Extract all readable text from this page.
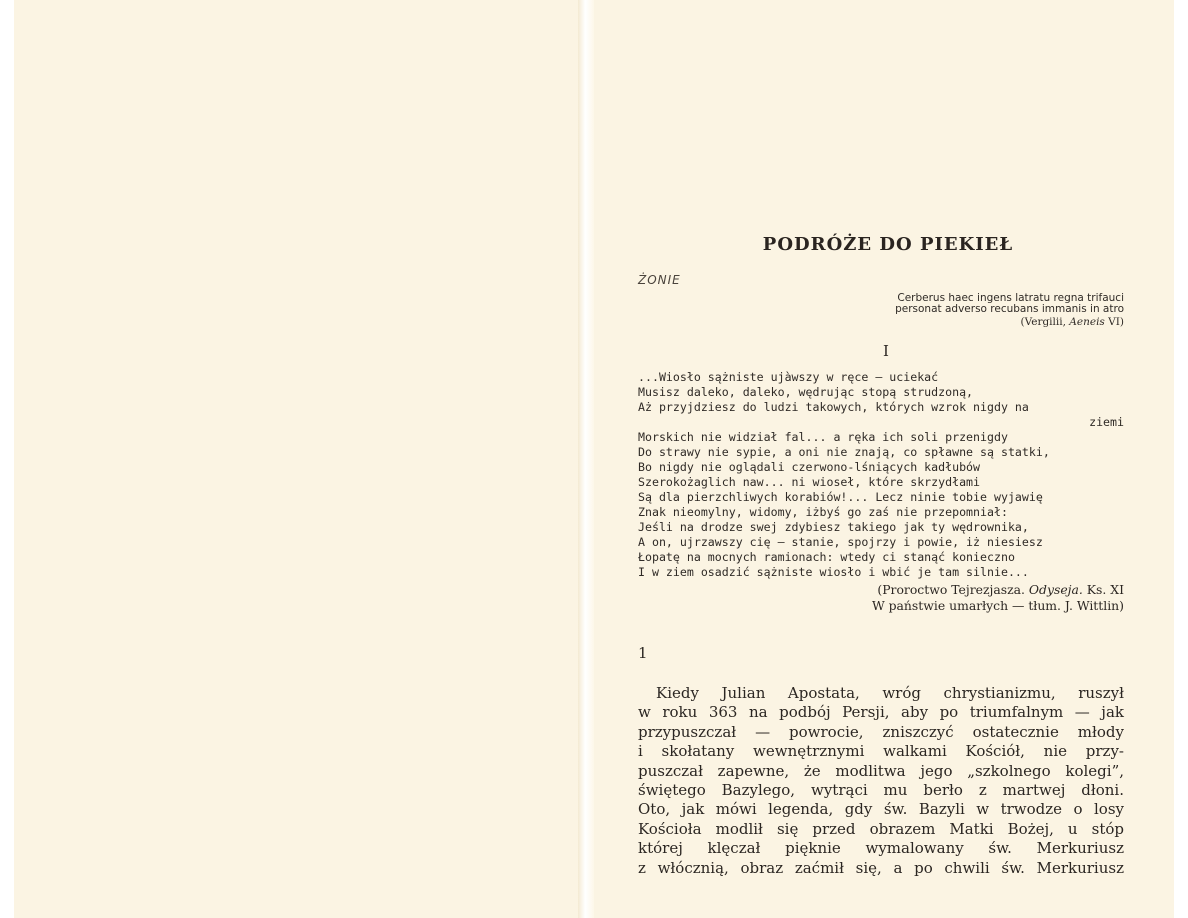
PODRÓŻE DO PIEKIEŁ
ŻONIE
Cerberus haec ingens latratu regna trifauci
personat adverso recubans immanis in atro
(Vergilii, Aeneis VI)
I
...Wiosło sążniste ujàwszy w ręce — uciekać
Musisz daleko, daleko, wędrując stopą strudzoną,
Aż przyjdziesz do ludzi takowych, których wzrok nigdy na
ziemi
Morskich nie widział fal... a ręka ich soli przenigdy
Do strawy nie sypie, a oni nie znają, co spławne są statki,
Bo nigdy nie oglądali czerwono-lśniących kadłubów
Szerokożaglich naw... ni wioseł, które skrzydłami
Są dla pierzchliwych korabiów!... Lecz ninie tobie wyjawię
Znak nieomylny, widomy, iżbyś go zaś nie przepomniał:
Jeśli na drodze swej zdybiesz takiego jak ty wędrownika,
A on, ujrzawszy cię — stanie, spojrzy i powie, iż niesiesz
Łopatę na mocnych ramionach: wtedy ci stanąć koniecznо
I w ziem osadzić sążniste wiosło i wbić je tam silnie...
(Proroctwo Tejrezjasza. Odyseja. Ks. XI
W państwie umarłych — tłum. J. Wittlin)
1
Kiedy Julian Apostata, wróg chrystianizmu, ruszył
w roku 363 na podbój Persji, aby po triumfalnym — jak
przypuszczał — powrocie, zniszczyć ostatecznie młody
i skołatany wewnętrznymi walkami Kościół, nie przy-
puszczał zapewne, że modlitwa jego „szkolnego kolegi”,
świętego Bazylego, wytrąci mu berło z martwej dłoni.
Oto, jak mówi legenda, gdy św. Bazyli w trwodze o losy
Kościoła modlił się przed obrazem Matki Bożej, u stóp
której klęczał pięknie wymalowany św. Merkuriusz
z włócznią, obraz zaćmił się, a po chwili św. Merkuriusz
